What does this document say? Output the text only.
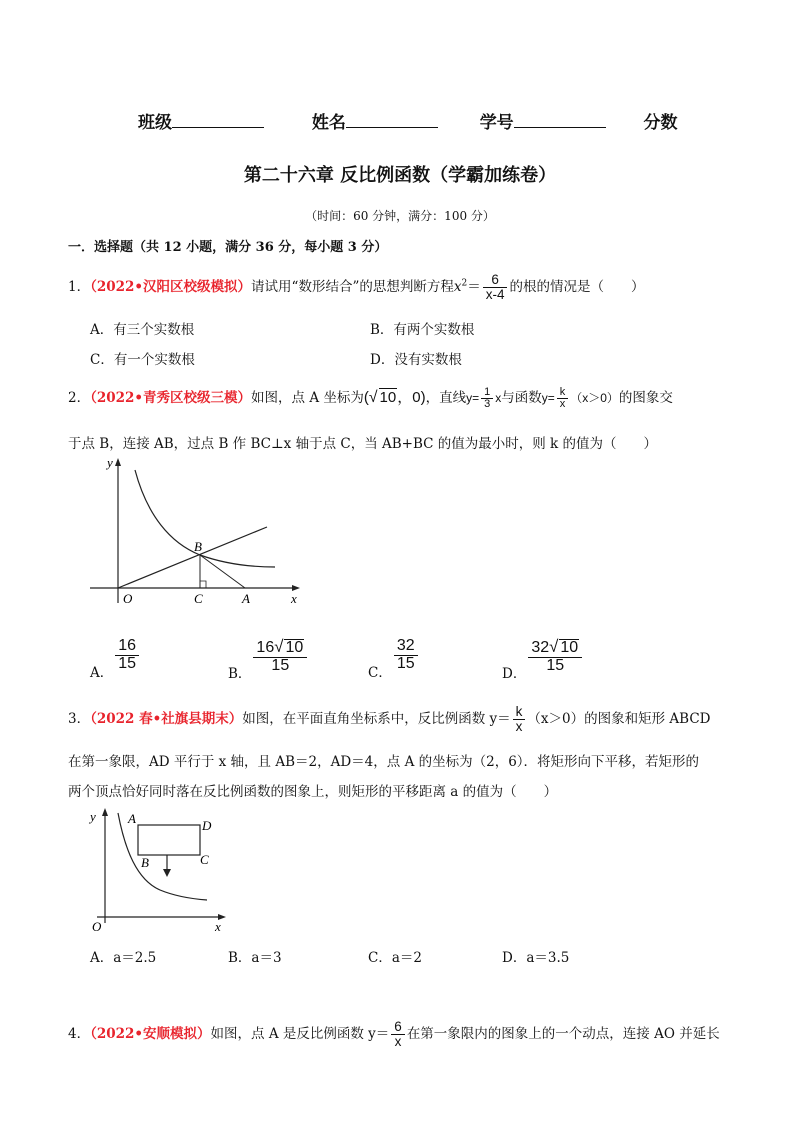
班级	姓名	学号	分数
第二十六章 反比例函数（学霸加练卷）
（时间：60 分钟，满分：100 分）
一．选择题（共 12 小题，满分 36 分，每小题 3 分）
1．（2022•汉阳区校级模拟）请试用“数形结合”的思想判断方程$x^2= \frac{6}{x-4}$ 的根的情况是（　　）
A．有三个实数根	B．有两个实数根
C．有一个实数根	D．没有实数根
2．（2022•青秀区校级三模）如图，点 A 坐标为(√ 10，0)，直线$y= \frac{1}{3}$ x与函数$y= \frac{k}{x} (x>0)$的图象交
于点 B，连接 AB，过点 B 作 BC⊥x 轴于点 C，当 AB+BC 的值为最小时，则 k 的值为（　　）
y
B
O	C	A	x
A．
$\frac{16}{15}$
B． $\frac{16√ 10}{15}$	C．
$\frac{32}{15}$
D． $\frac{32√ 10}{15}$
3．（2022 春•社旗县期末）如图，在平面直角坐标系中，反比例函数 $y= \frac{k}{x} (x>0)$的图象和矩形 ABCD
在第一象限，AD 平行于 x 轴，且 AB＝2，AD＝4，点 A 的坐标为（2，6）．将矩形向下平移，若矩形的
两个顶点恰好同时落在反比例函数的图象上，则矩形的平移距离 a 的值为（　　）
y A	D
B	C
O	x
A．a＝2.5	B．a＝3	C．a＝2	D．a＝3.5
4．（2022•安顺模拟）如图，点 A 是反比例函数 $y= \frac{6}{x}$ 在第一象限内的图象上的一个动点，连接 AO 并延长
